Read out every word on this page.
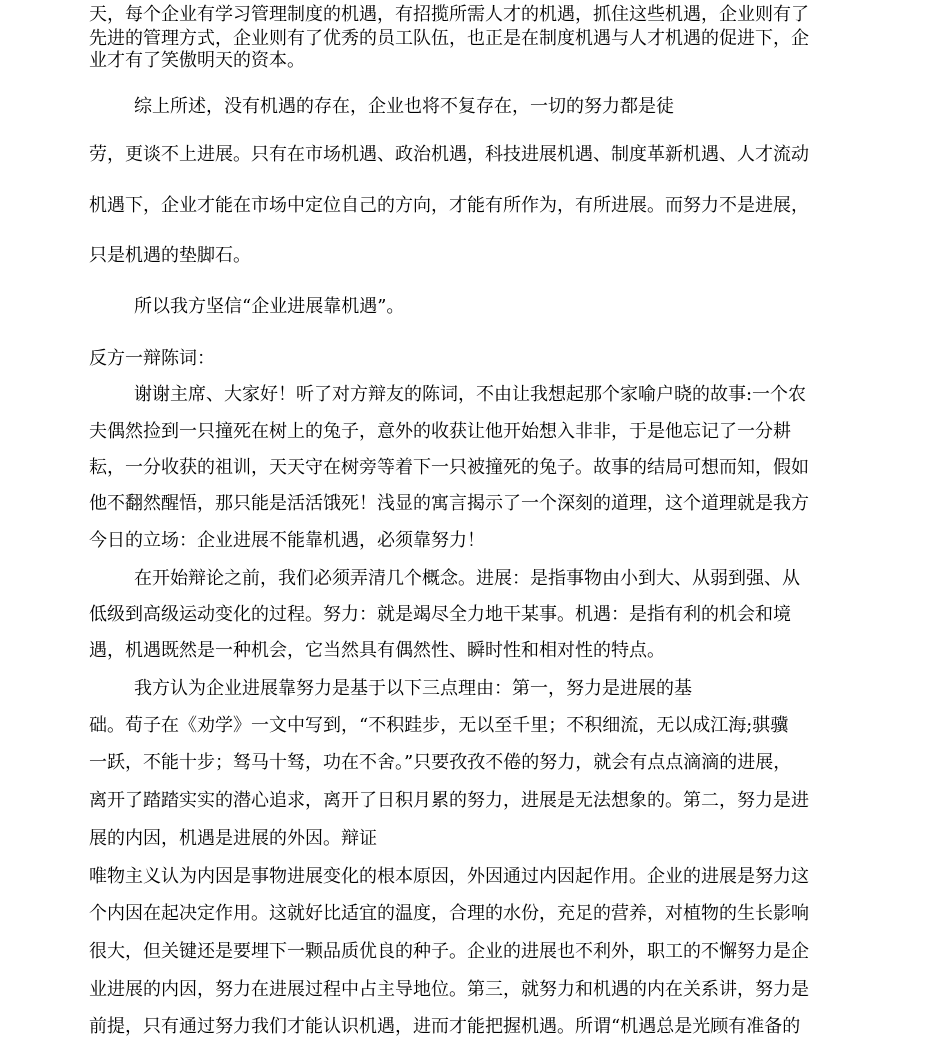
天，每个企业有学习管理制度的机遇，有招揽所需人才的机遇，抓住这些机遇，企业则有了

先进的管理方式，企业则有了优秀的员工队伍，也正是在制度机遇与人才机遇的促进下，企

业才有了笑傲明天的资本。

综上所述，没有机遇的存在，企业也将不复存在，一切的努力都是徒

劳，更谈不上进展。只有在市场机遇、政治机遇，科技进展机遇、制度革新机遇、人才流动

机遇下，企业才能在市场中定位自己的方向，才能有所作为，有所进展。而努力不是进展，

只是机遇的垫脚石。

所以我方坚信“企业进展靠机遇”。

反方一辩陈词：

谢谢主席、大家好！听了对方辩友的陈词，不由让我想起那个家喻户晓的故事:一个农

夫偶然捡到一只撞死在树上的兔子，意外的收获让他开始想入非非，于是他忘记了一分耕

耘，一分收获的祖训，天天守在树旁等着下一只被撞死的兔子。故事的结局可想而知，假如

他不翻然醒悟，那只能是活活饿死！浅显的寓言揭示了一个深刻的道理，这个道理就是我方

今日的立场：企业进展不能靠机遇，必须靠努力！

在开始辩论之前，我们必须弄清几个概念。进展：是指事物由小到大、从弱到强、从

低级到高级运动变化的过程。努力：就是竭尽全力地干某事。机遇：是指有利的机会和境

遇，机遇既然是一种机会，它当然具有偶然性、瞬时性和相对性的特点。

我方认为企业进展靠努力是基于以下三点理由：第一，努力是进展的基

础。荀子在《劝学》一文中写到，“不积跬步，无以至千里；不积细流，无以成江海;骐骥

一跃，不能十步；驽马十驽，功在不舍。”只要孜孜不倦的努力，就会有点点滴滴的进展，

离开了踏踏实实的潜心追求，离开了日积月累的努力，进展是无法想象的。第二，努力是进

展的内因，机遇是进展的外因。辩证

唯物主义认为内因是事物进展变化的根本原因，外因通过内因起作用。企业的进展是努力这

个内因在起决定作用。这就好比适宜的温度，合理的水份，充足的营养，对植物的生长影响

很大，但关键还是要埋下一颗品质优良的种子。企业的进展也不利外，职工的不懈努力是企

业进展的内因，努力在进展过程中占主导地位。第三，就努力和机遇的内在关系讲，努力是

前提，只有通过努力我们才能认识机遇，进而才能把握机遇。所谓“机遇总是光顾有准备的
